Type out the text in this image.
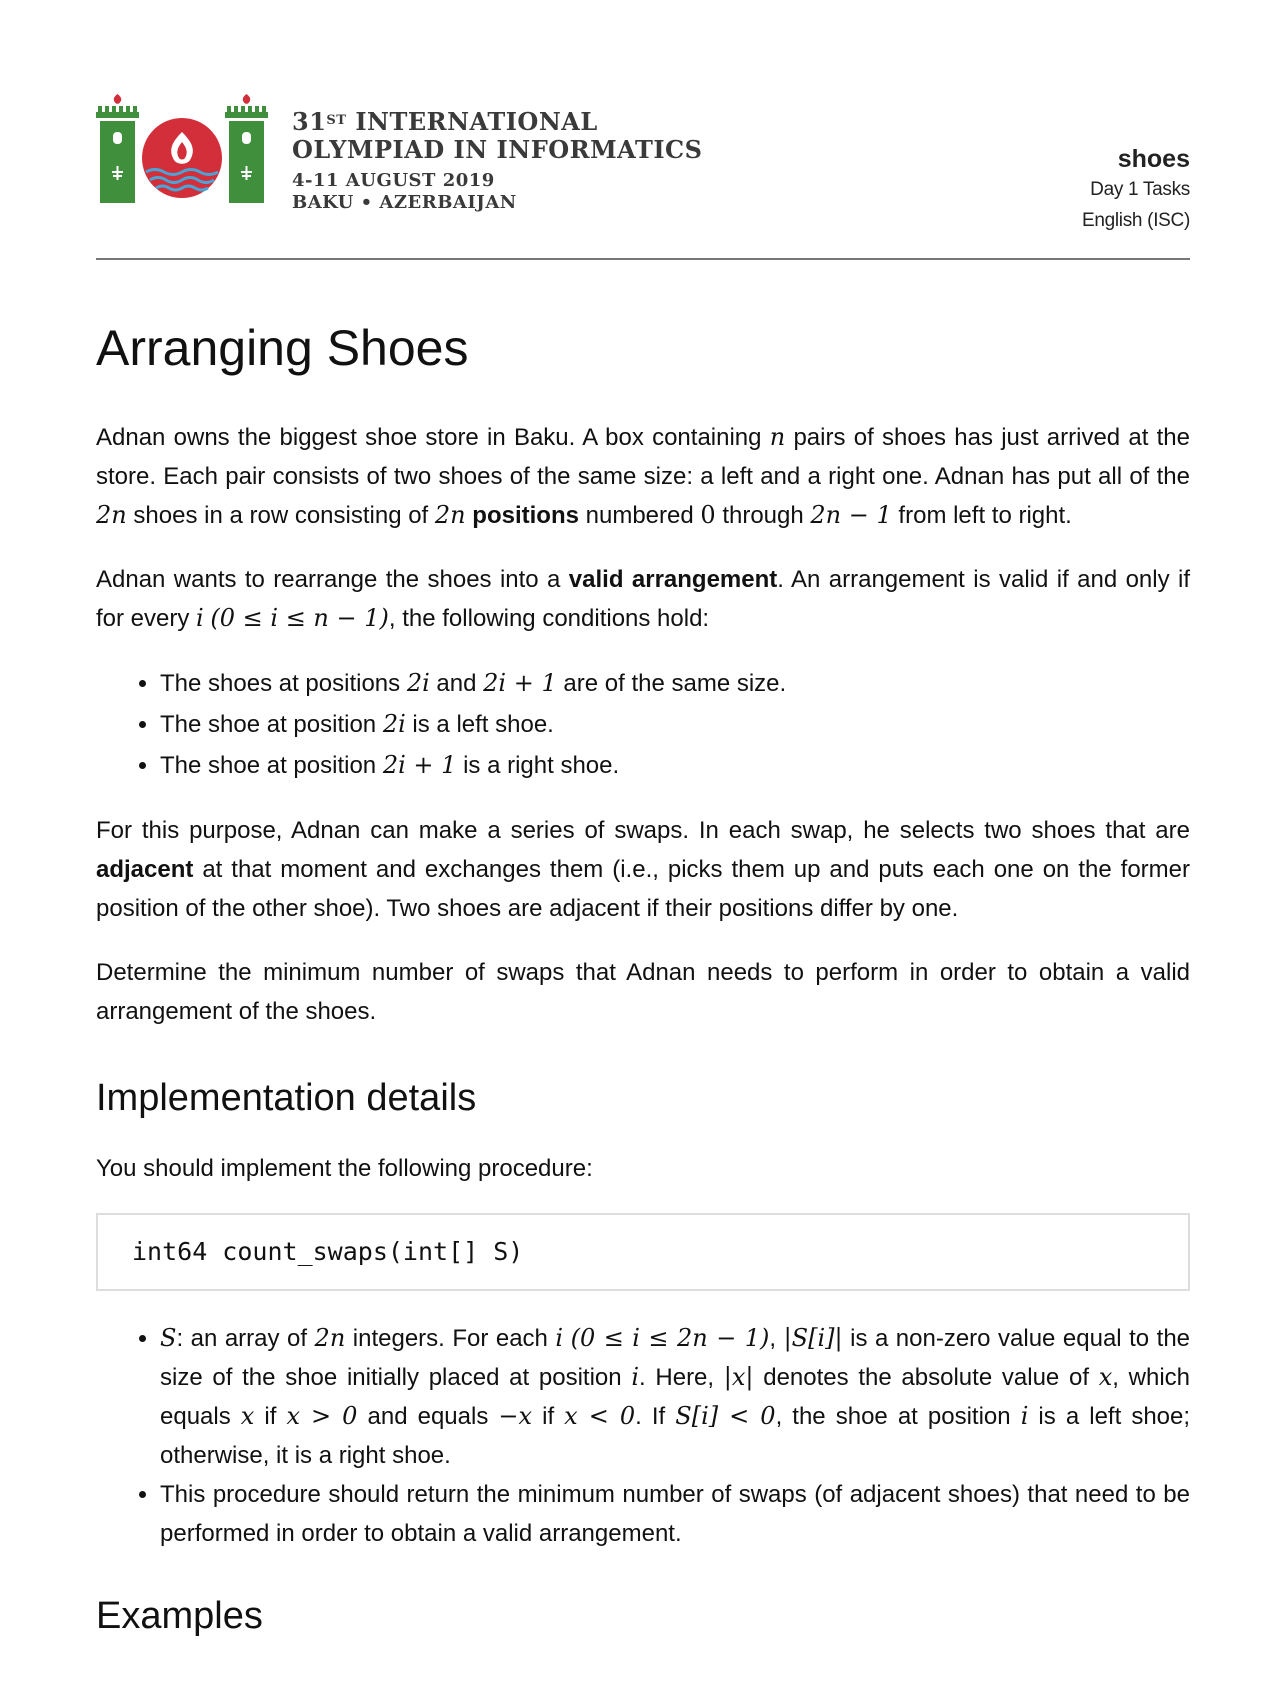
31ST INTERNATIONAL
OLYMPIAD IN INFORMATICS
4-11 AUGUST 2019
BAKU • AZERBAIJAN
shoes
Day 1 Tasks
English (ISC)
Arranging Shoes

Adnan owns the biggest shoe store in Baku. A box containing n pairs of shoes has just arrived at the store. Each pair consists of two shoes of the same size: a left and a right one. Adnan has put all of the 2n shoes in a row consisting of 2n positions numbered 0 through 2n − 1 from left to right.

Adnan wants to rearrange the shoes into a valid arrangement. An arrangement is valid if and only if for every i (0 ≤ i ≤ n − 1), the following conditions hold:

• The shoes at positions 2i and 2i + 1 are of the same size.
• The shoe at position 2i is a left shoe.
• The shoe at position 2i + 1 is a right shoe.

For this purpose, Adnan can make a series of swaps. In each swap, he selects two shoes that are adjacent at that moment and exchanges them (i.e., picks them up and puts each one on the former position of the other shoe). Two shoes are adjacent if their positions differ by one.

Determine the minimum number of swaps that Adnan needs to perform in order to obtain a valid arrangement of the shoes.

Implementation details

You should implement the following procedure:

int64 count_swaps(int[] S)
• S: an array of 2n integers. For each i (0 ≤ i ≤ 2n − 1), |S[i]| is a non-zero value equal to the size of the shoe initially placed at position i. Here, |x| denotes the absolute value of x, which equals x if x > 0 and equals −x if x < 0. If S[i] < 0, the shoe at position i is a left shoe; otherwise, it is a right shoe.
• This procedure should return the minimum number of swaps (of adjacent shoes) that need to be performed in order to obtain a valid arrangement.
Examples
